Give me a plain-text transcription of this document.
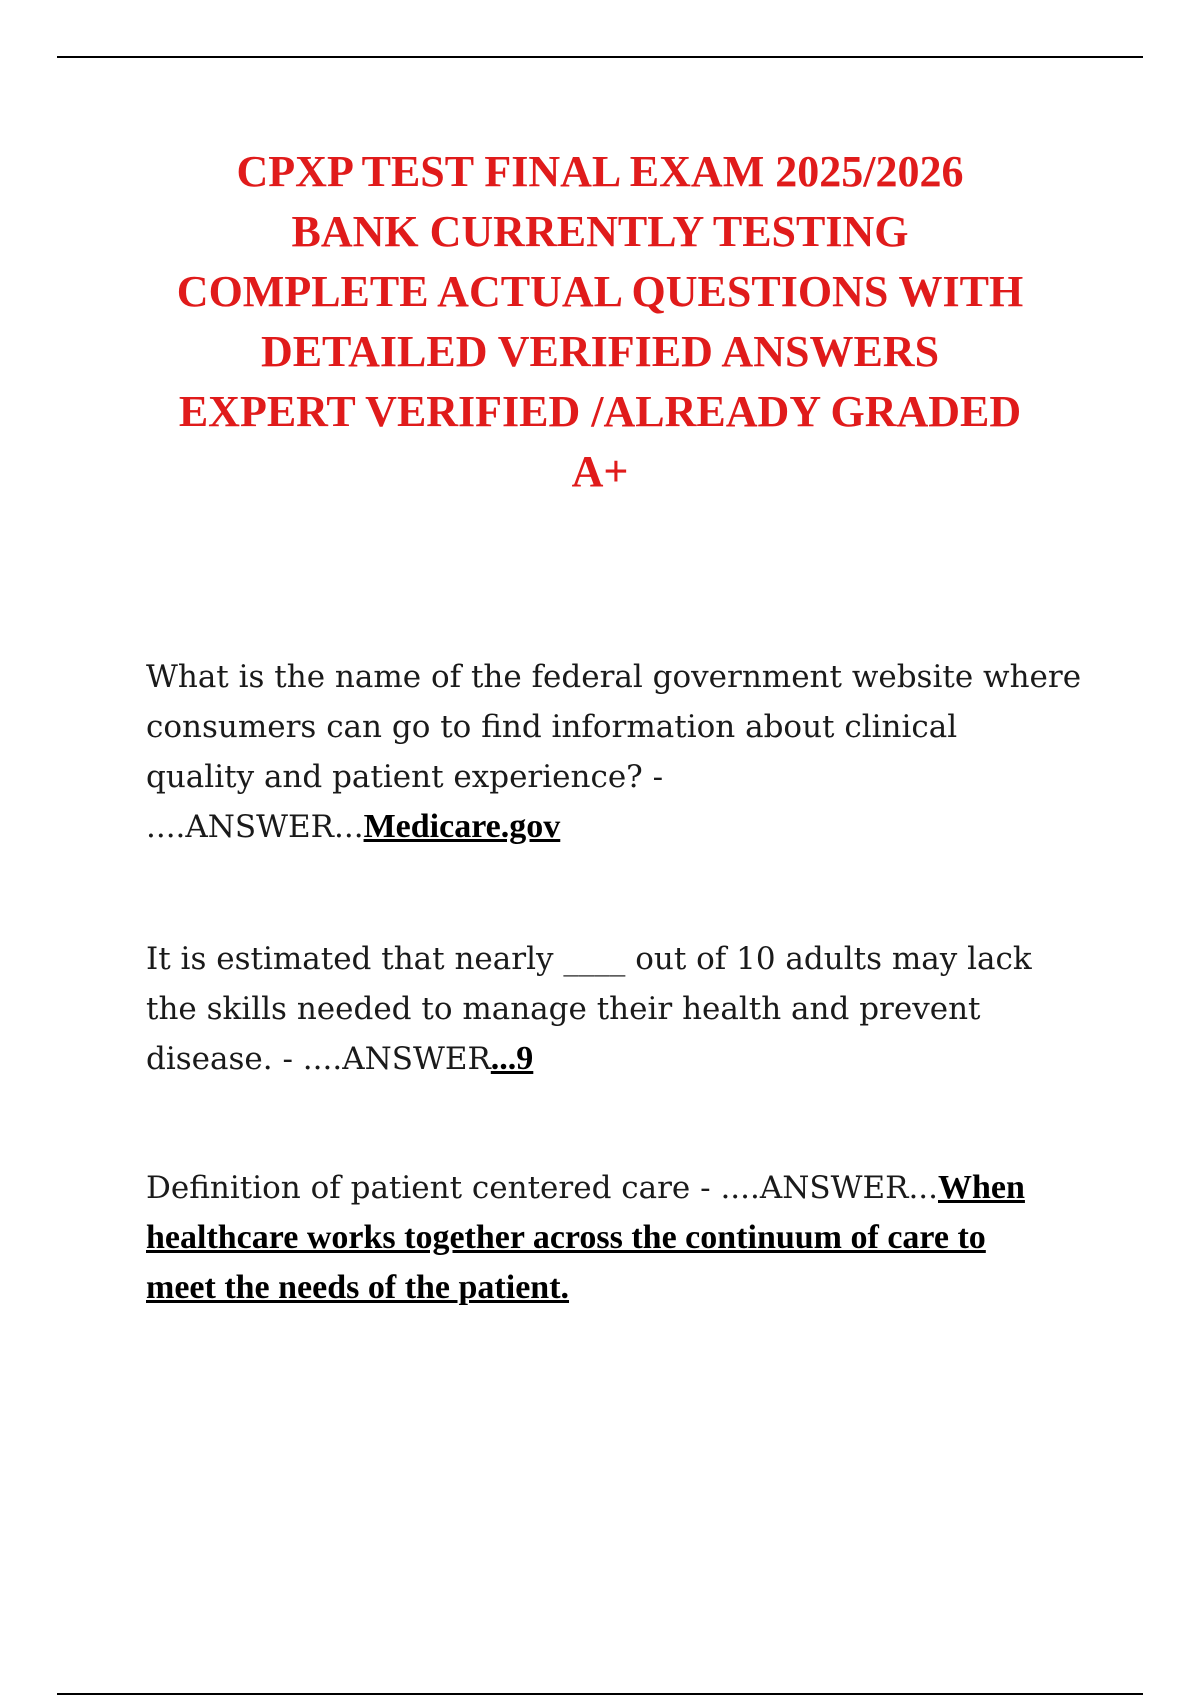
CPXP TEST FINAL EXAM 2025/2026
BANK CURRENTLY TESTING
COMPLETE ACTUAL QUESTIONS WITH
DETAILED VERIFIED ANSWERS
EXPERT VERIFIED /ALREADY GRADED
A+
What is the name of the federal government website where
consumers can go to find information about clinical
quality and patient experience? -
....ANSWER...Medicare.gov
It is estimated that nearly ____ out of 10 adults may lack
the skills needed to manage their health and prevent
disease. - ....ANSWER...9
Definition of patient centered care - ....ANSWER...When
healthcare works together across the continuum of care to
meet the needs of the patient.
